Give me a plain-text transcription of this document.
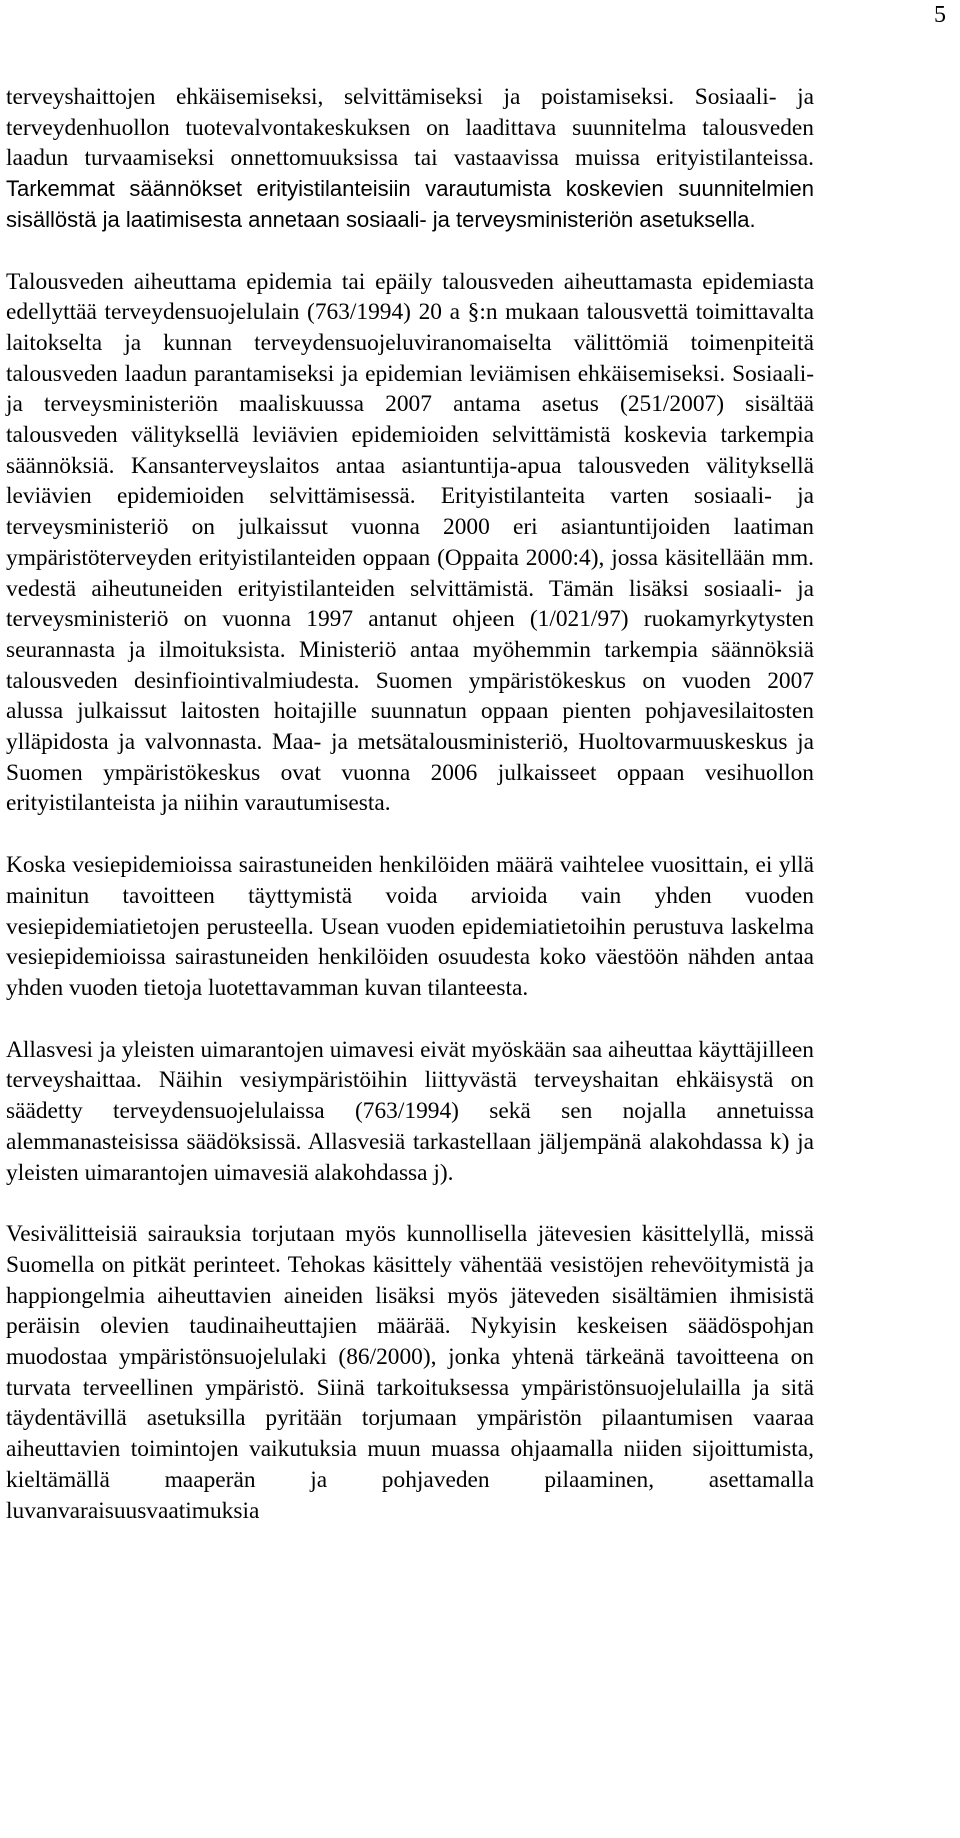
5

terveyshaittojen ehkäisemiseksi, selvittämiseksi ja poistamiseksi. Sosiaali- ja terveydenhuollon tuotevalvontakeskuksen on laadittava suunnitelma talousveden laadun turvaamiseksi onnettomuuksissa tai vastaavissa muissa erityistilanteissa. Tarkemmat säännökset erityistilanteisiin varautumista koskevien suunnitelmien sisällöstä ja laatimisesta annetaan sosiaali- ja terveysministeriön asetuksella.

Talousveden aiheuttama epidemia tai epäily talousveden aiheuttamasta epidemiasta edellyttää terveydensuojelulain (763/1994) 20 a §:n mukaan talousvettä toimittavalta laitokselta ja kunnan terveydensuojeluviranomaiselta välittömiä toimenpiteitä talousveden laadun parantamiseksi ja epidemian leviämisen ehkäisemiseksi. Sosiaali- ja terveysministeriön maaliskuussa 2007 antama asetus (251/2007) sisältää talousveden välityksellä leviävien epidemioiden selvittämistä koskevia tarkempia säännöksiä. Kansanterveyslaitos antaa asiantuntija-apua talousveden välityksellä leviävien epidemioiden selvittämisessä. Erityistilanteita varten sosiaali- ja terveysministeriö on julkaissut vuonna 2000 eri asiantuntijoiden laatiman ympäristöterveyden erityistilanteiden oppaan (Oppaita 2000:4), jossa käsitellään mm. vedestä aiheutuneiden erityistilanteiden selvittämistä. Tämän lisäksi sosiaali- ja terveysministeriö on vuonna 1997 antanut ohjeen (1/021/97) ruokamyrkytysten seurannasta ja ilmoituksista. Ministeriö antaa myöhemmin tarkempia säännöksiä talousveden desinfiointivalmiudesta. Suomen ympäristökeskus on vuoden 2007 alussa julkaissut laitosten hoitajille suunnatun oppaan pienten pohjavesilaitosten ylläpidosta ja valvonnasta. Maa- ja metsätalousministeriö, Huoltovarmuuskeskus ja Suomen ympäristökeskus ovat vuonna 2006 julkaisseet oppaan vesihuollon erityistilanteista ja niihin varautumisesta.

Koska vesiepidemioissa sairastuneiden henkilöiden määrä vaihtelee vuosittain, ei yllä mainitun tavoitteen täyttymistä voida arvioida vain yhden vuoden vesiepidemiatietojen perusteella. Usean vuoden epidemiatietoihin perustuva laskelma vesiepidemioissa sairastuneiden henkilöiden osuudesta koko väestöön nähden antaa yhden vuoden tietoja luotettavamman kuvan tilanteesta.

Allasvesi ja yleisten uimarantojen uimavesi eivät myöskään saa aiheuttaa käyttäjilleen terveyshaittaa. Näihin vesiympäristöihin liittyvästä terveyshaitan ehkäisystä on säädetty terveydensuojelulaissa (763/1994) sekä sen nojalla annetuissa alemmanasteisissa säädöksissä. Allasvesiä tarkastellaan jäljempänä alakohdassa k) ja yleisten uimarantojen uimavesiä alakohdassa j).

Vesivälitteisiä sairauksia torjutaan myös kunnollisella jätevesien käsittelyllä, missä Suomella on pitkät perinteet. Tehokas käsittely vähentää vesistöjen rehevöitymistä ja happiongelmia aiheuttavien aineiden lisäksi myös jäteveden sisältämien ihmisistä peräisin olevien taudinaiheuttajien määrää. Nykyisin keskeisen säädöspohjan muodostaa ympäristönsuojelulaki (86/2000), jonka yhtenä tärkeänä tavoitteena on turvata terveellinen ympäristö. Siinä tarkoituksessa ympäristönsuojelulailla ja sitä täydentävillä asetuksilla pyritään torjumaan ympäristön pilaantumisen vaaraa aiheuttavien toimintojen vaikutuksia muun muassa ohjaamalla niiden sijoittumista, kieltämällä maaperän ja pohjaveden pilaaminen, asettamalla luvanvaraisuusvaatimuksia
